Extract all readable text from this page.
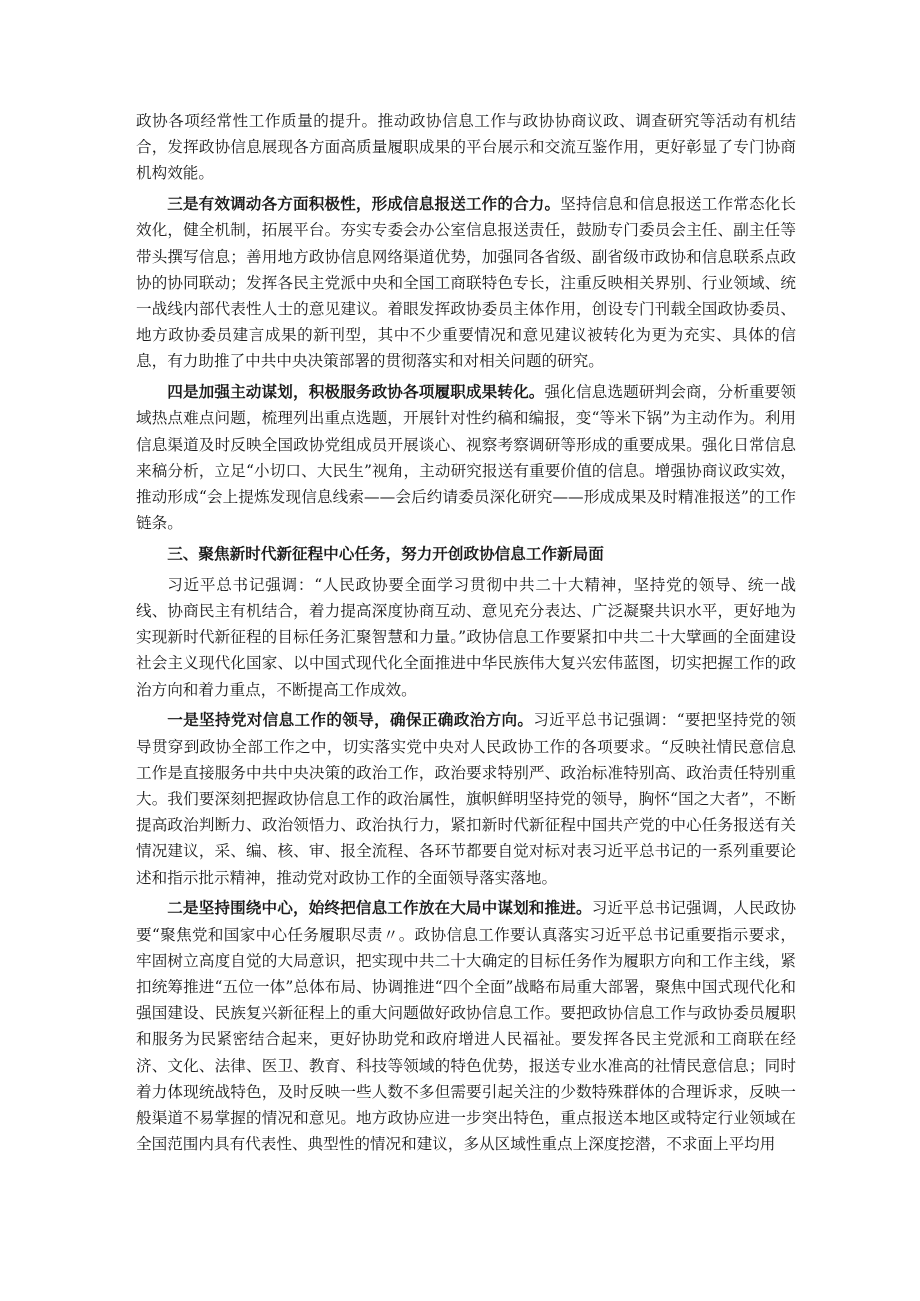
政协各项经常性工作质量的提升。推动政协信息工作与政协协商议政、调查研究等活动有机结合，发挥政协信息展现各方面高质量履职成果的平台展示和交流互鉴作用，更好彰显了专门协商机构效能。

三是有效调动各方面积极性，形成信息报送工作的合力。坚持信息和信息报送工作常态化长效化，健全机制，拓展平台。夯实专委会办公室信息报送责任，鼓励专门委员会主任、副主任等带头撰写信息；善用地方政协信息网络渠道优势，加强同各省级、副省级市政协和信息联系点政协的协同联动；发挥各民主党派中央和全国工商联特色专长，注重反映相关界别、行业领域、统一战线内部代表性人士的意见建议。着眼发挥政协委员主体作用，创设专门刊载全国政协委员、地方政协委员建言成果的新刊型，其中不少重要情况和意见建议被转化为更为充实、具体的信息，有力助推了中共中央决策部署的贯彻落实和对相关问题的研究。

四是加强主动谋划，积极服务政协各项履职成果转化。强化信息选题研判会商，分析重要领域热点难点问题，梳理列出重点选题，开展针对性约稿和编报，变“等米下锅”为主动作为。利用信息渠道及时反映全国政协党组成员开展谈心、视察考察调研等形成的重要成果。强化日常信息来稿分析，立足“小切口、大民生”视角，主动研究报送有重要价值的信息。增强协商议政实效，推动形成“会上提炼发现信息线索——会后约请委员深化研究——形成成果及时精准报送”的工作链条。

三、聚焦新时代新征程中心任务，努力开创政协信息工作新局面

习近平总书记强调：“人民政协要全面学习贯彻中共二十大精神，坚持党的领导、统一战线、协商民主有机结合，着力提高深度协商互动、意见充分表达、广泛凝聚共识水平，更好地为实现新时代新征程的目标任务汇聚智慧和力量。”政协信息工作要紧扣中共二十大擘画的全面建设社会主义现代化国家、以中国式现代化全面推进中华民族伟大复兴宏伟蓝图，切实把握工作的政治方向和着力重点，不断提高工作成效。

一是坚持党对信息工作的领导，确保正确政治方向。习近平总书记强调：“要把坚持党的领导贯穿到政协全部工作之中，切实落实党中央对人民政协工作的各项要求。“反映社情民意信息工作是直接服务中共中央决策的政治工作，政治要求特别严、政治标准特别高、政治责任特别重大。我们要深刻把握政协信息工作的政治属性，旗帜鲜明坚持党的领导，胸怀“国之大者”，不断提高政治判断力、政治领悟力、政治执行力，紧扣新时代新征程中国共产党的中心任务报送有关情况建议，采、编、核、审、报全流程、各环节都要自觉对标对表习近平总书记的一系列重要论述和指示批示精神，推动党对政协工作的全面领导落实落地。

二是坚持围绕中心，始终把信息工作放在大局中谋划和推进。习近平总书记强调，人民政协要“聚焦党和国家中心任务履职尽责〃。政协信息工作要认真落实习近平总书记重要指示要求，牢固树立高度自觉的大局意识，把实现中共二十大确定的目标任务作为履职方向和工作主线，紧扣统筹推进“五位一体”总体布局、协调推进“四个全面”战略布局重大部署，聚焦中国式现代化和强国建设、民族复兴新征程上的重大问题做好政协信息工作。要把政协信息工作与政协委员履职和服务为民紧密结合起来，更好协助党和政府增进人民福祉。要发挥各民主党派和工商联在经济、文化、法律、医卫、教育、科技等领域的特色优势，报送专业水准高的社情民意信息；同时着力体现统战特色，及时反映一些人数不多但需要引起关注的少数特殊群体的合理诉求，反映一般渠道不易掌握的情况和意见。地方政协应进一步突出特色，重点报送本地区或特定行业领域在全国范围内具有代表性、典型性的情况和建议，多从区域性重点上深度挖潜，不求面上平均用
